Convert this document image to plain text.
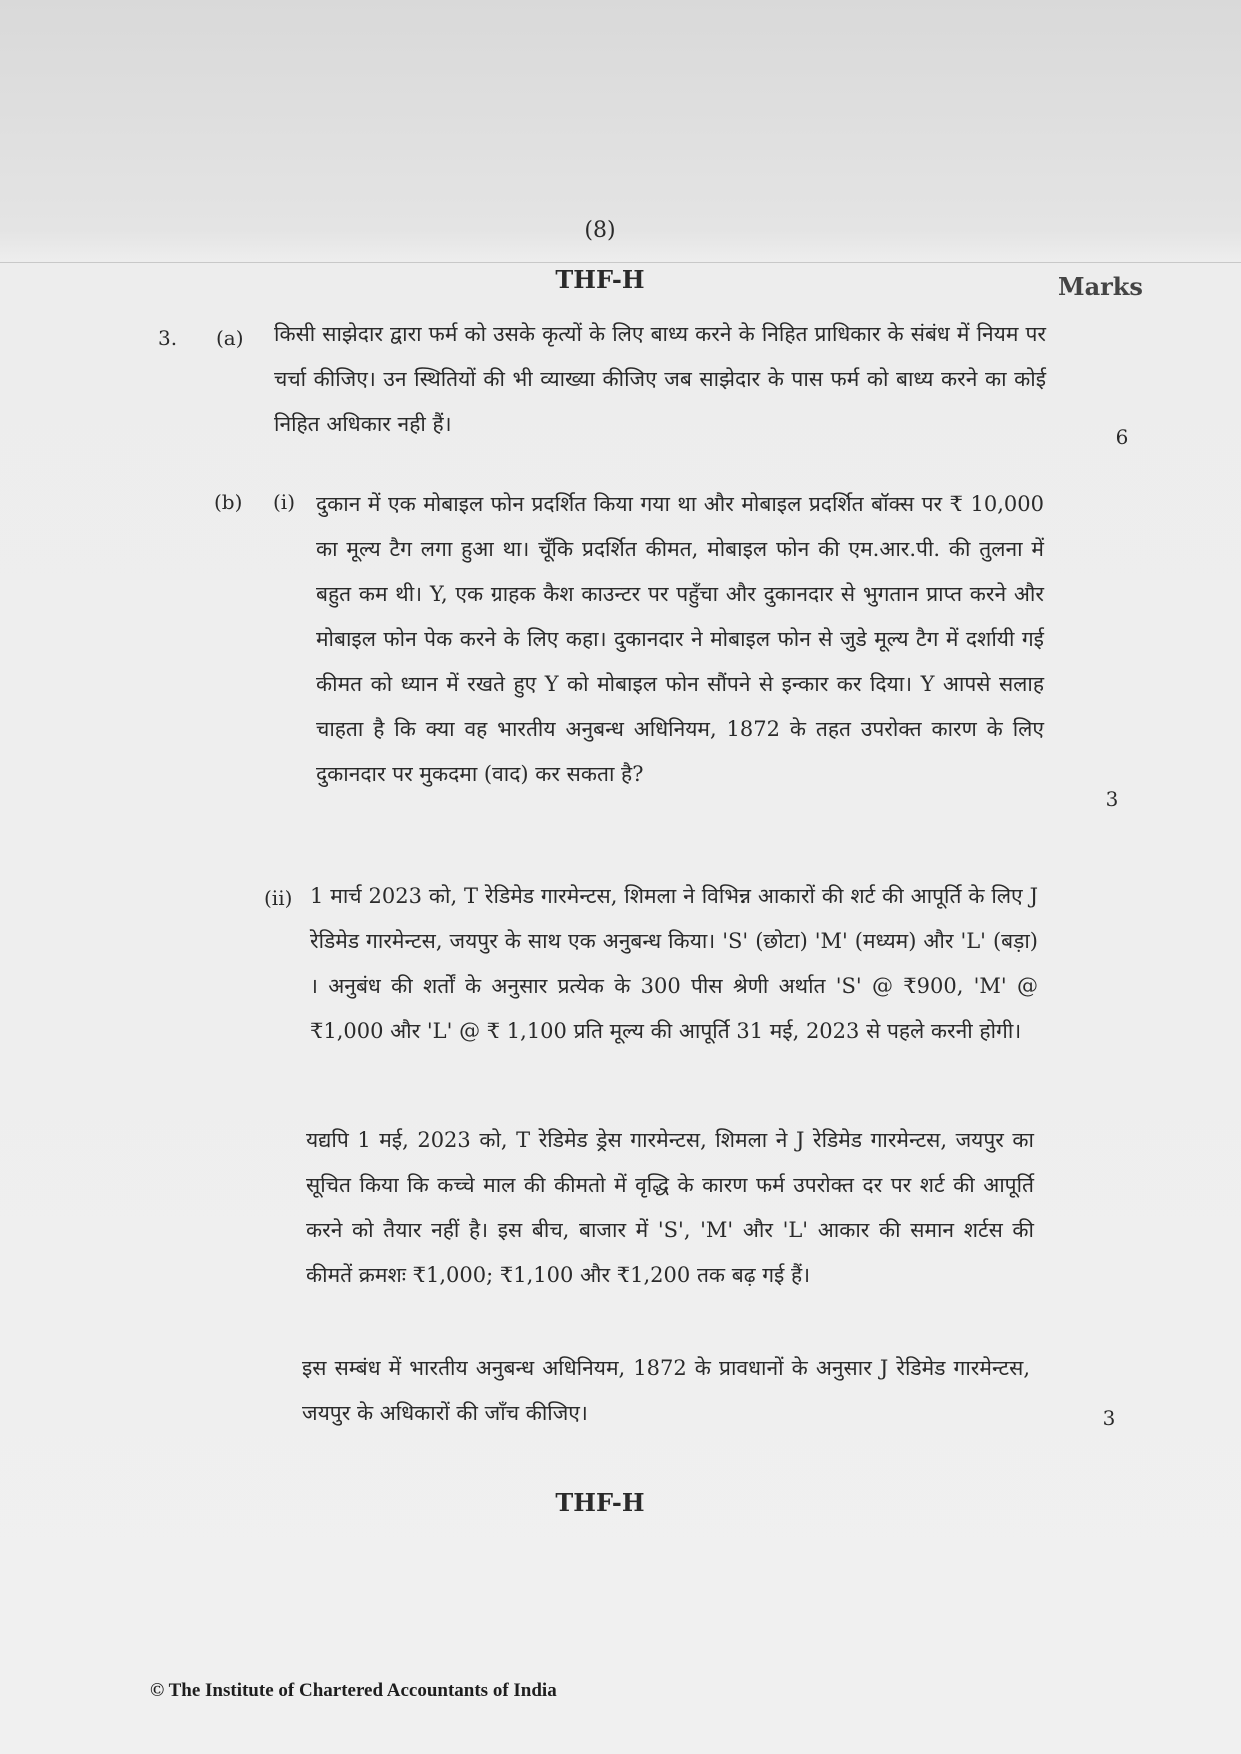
(8)
THF-H	Marks
3. (a) किसी साझेदार द्वारा फर्म को उसके कृत्यों के लिए बाध्य करने के निहित प्राधिकार के संबंध में नियम पर चर्चा कीजिए। उन स्थितियों की भी व्याख्या कीजिए जब साझेदार के पास फर्म को बाध्य करने का कोई निहित अधिकार नही हैं।
6
(b) (i) दुकान में एक मोबाइल फोन प्रदर्शित किया गया था और मोबाइल प्रदर्शित बॉक्स पर ₹ 10,000 का मूल्य टैग लगा हुआ था। चूँकि प्रदर्शित कीमत, मोबाइल फोन की एम.आर.पी. की तुलना में बहुत कम थी। Y, एक ग्राहक कैश काउन्टर पर पहुँचा और दुकानदार से भुगतान प्राप्त करने और मोबाइल फोन पेक करने के लिए कहा। दुकानदार ने मोबाइल फोन से जुडे मूल्य टैग में दर्शायी गई कीमत को ध्यान में रखते हुए Y को मोबाइल फोन सौंपने से इन्कार कर दिया। Y आपसे सलाह चाहता है कि क्या वह भारतीय अनुबन्ध अधिनियम, 1872 के तहत उपरोक्त कारण के लिए दुकानदार पर मुकदमा (वाद) कर सकता है?
3
(ii) 1 मार्च 2023 को, T रेडिमेड गारमेन्टस, शिमला ने विभिन्न आकारों की शर्ट की आपूर्ति के लिए J रेडिमेड गारमेन्टस, जयपुर के साथ एक अनुबन्ध किया। 'S' (छोटा) 'M' (मध्यम) और 'L' (बड़ा) । अनुबंध की शर्तों के अनुसार प्रत्येक के 300 पीस श्रेणी अर्थात 'S' @ ₹900, 'M' @ ₹1,000 और 'L' @ ₹ 1,100 प्रति मूल्य की आपूर्ति 31 मई, 2023 से पहले करनी होगी।
यद्यपि 1 मई, 2023 को, T रेडिमेड ड्रेस गारमेन्टस, शिमला ने J रेडिमेड गारमेन्टस, जयपुर का सूचित किया कि कच्चे माल की कीमतो में वृद्धि के कारण फर्म उपरोक्त दर पर शर्ट की आपूर्ति करने को तैयार नहीं है। इस बीच, बाजार में 'S', 'M' और 'L' आकार की समान शर्टस की कीमतें क्रमशः ₹1,000; ₹1,100 और ₹1,200 तक बढ़ गई हैं।
इस सम्बंध में भारतीय अनुबन्ध अधिनियम, 1872 के प्रावधानों के अनुसार J रेडिमेड गारमेन्टस, जयपुर के अधिकारों की जाँच कीजिए।	3
THF-H
© The Institute of Chartered Accountants of India
